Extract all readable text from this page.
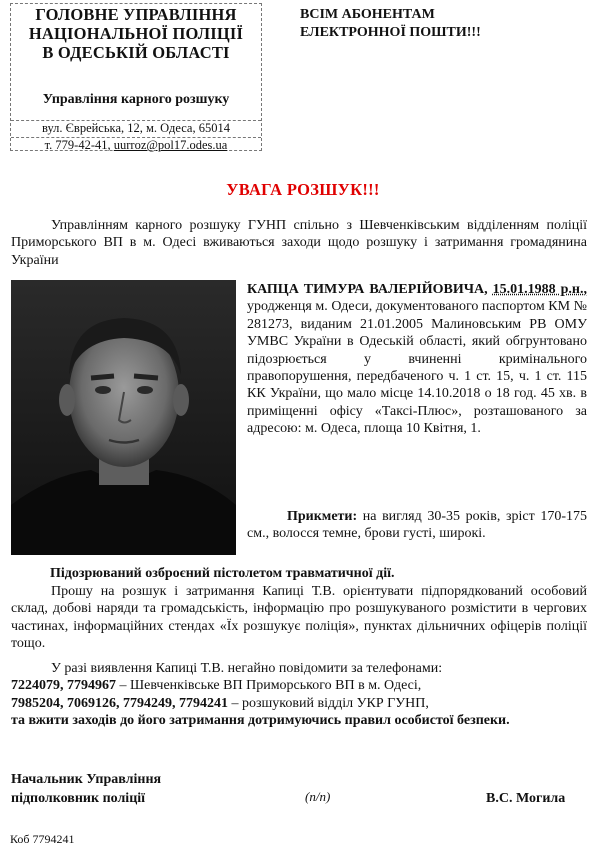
ГОЛОВНЕ УПРАВЛІННЯ
НАЦІОНАЛЬНОЇ ПОЛІЦІЇ
В ОДЕСЬКІЙ ОБЛАСТІ
Управління карного розшуку
вул. Єврейська, 12, м. Одеса, 65014
т. 779-42-41, uurroz@pol17.odes.ua
ВСІМ АБОНЕНТАМ
ЕЛЕКТРОННОЇ ПОШТИ!!!
УВАГА РОЗШУК!!!
Управлінням карного розшуку ГУНП спільно з Шевченківським відділенням поліції Приморського ВП в м. Одесі вживаються заходи щодо розшуку і затримання громадянина України
КАПЦА ТИМУРА ВАЛЕРІЙОВИЧА, 15.01.1988 р.н., уродженця м. Одеси, документованого паспортом КМ № 281273, виданим 21.01.2005 Малиновським РВ ОМУ УМВС України в Одеській області, який обгрунтовано підозрюється у вчиненні кримінального правопорушення, передбаченого ч. 1 ст. 15, ч. 1 ст. 115 КК України, що мало місце 14.10.2018 о 18 год. 45 хв. в приміщенні офісу «Таксі-Плюс», розташованого за адресою: м. Одеса, площа 10 Квітня, 1.
Прикмети: на вигляд 30-35 років, зріст 170-175 см., волосся темне, брови густі, широкі.
Підозрюваний озброєний пістолетом травматичної дії.
Прошу на розшук і затримання Капиці Т.В. орієнтувати підпорядкований особовий склад, добові наряди та громадськість, інформацію про розшукуваного розмістити в чергових частинах, інформаційних стендах «Їх розшукує поліція», пунктах дільничних офіцерів поліції тощо.
У разі виявлення Капиці Т.В. негайно повідомити за телефонами:
7224079, 7794967 – Шевченківське ВП Приморського ВП в м. Одесі,
7985204, 7069126, 7794249, 7794241 – розшуковий відділ УКР ГУНП,
та вжити заходів до його затримання дотримуючись правил особистої безпеки.
Начальник Управління
підполковник поліції	(п/п)	В.С. Могила
Коб 7794241
